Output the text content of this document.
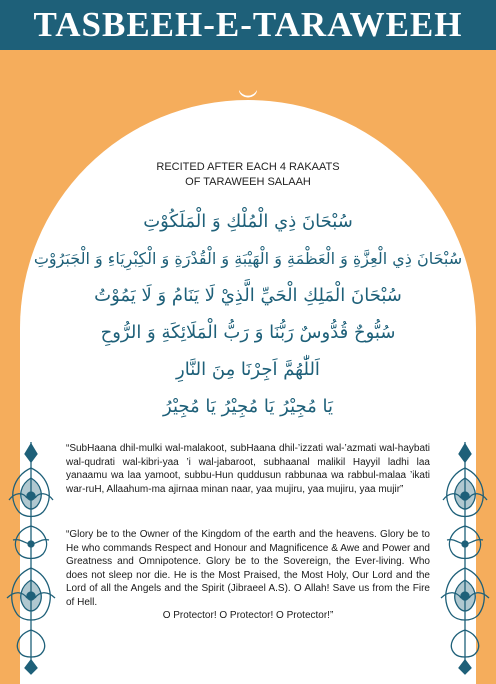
TASBEEH-E-TARAWEEH
RECITED AFTER EACH 4 RAKAATS
OF TARAWEEH SALAAH
سُبْحَانَ ذِي الْمُلْكِ وَ الْمَلَكُوْتِ
سُبْحَانَ ذِي الْعِزَّةِ وَ الْعَظْمَةِ وَ الْهَيْبَةِ وَ الْقُدْرَةِ وَ الْكِبْرِيَاءِ وَ الْجَبَرُوْتِ
سُبْحَانَ الْمَلِكِ الْحَيِّ الَّذِيْ لَا يَنَامُ وَ لَا يَمُوْتُ
سُبُّوحٌ قُدُّوسٌ رَبُّنَا وَ رَبُّ الْمَلَائِكَةِ وَ الرُّوحِ
اَللّٰهُمَّ اَجِرْنَا مِنَ النَّارِ
يَا مُجِيْرُ يَا مُجِيْرُ يَا مُجِيْرُ
“SubHaana dhil-mulki wal-malakoot, subHaana dhil-’izzati wal-’azmati wal-haybati wal-qudrati wal-kibri-yaa ’i wal-jabaroot, subhaanal malikil Hayyil ladhi laa yanaamu wa laa yamoot, subbu-Hun quddusun rabbunaa wa rabbul-malaa ’ikati war-ruH, Allaahum-ma ajirnaa minan naar, yaa mujiru, yaa mujiru, yaa mujir”
“Glory be to the Owner of the Kingdom of the earth and the heavens. Glory be to He who commands Respect and Honour and Magnificence & Awe and Power and Greatness and Omnipotence. Glory be to the Sovereign, the Ever-living. Who does not sleep nor die. He is the Most Praised, the Most Holy, Our Lord and the Lord of all the Angels and the Spirit (Jibraeel A.S). O Allah! Save us from the Fire of Hell.
O Protector! O Protector! O Protector!”
